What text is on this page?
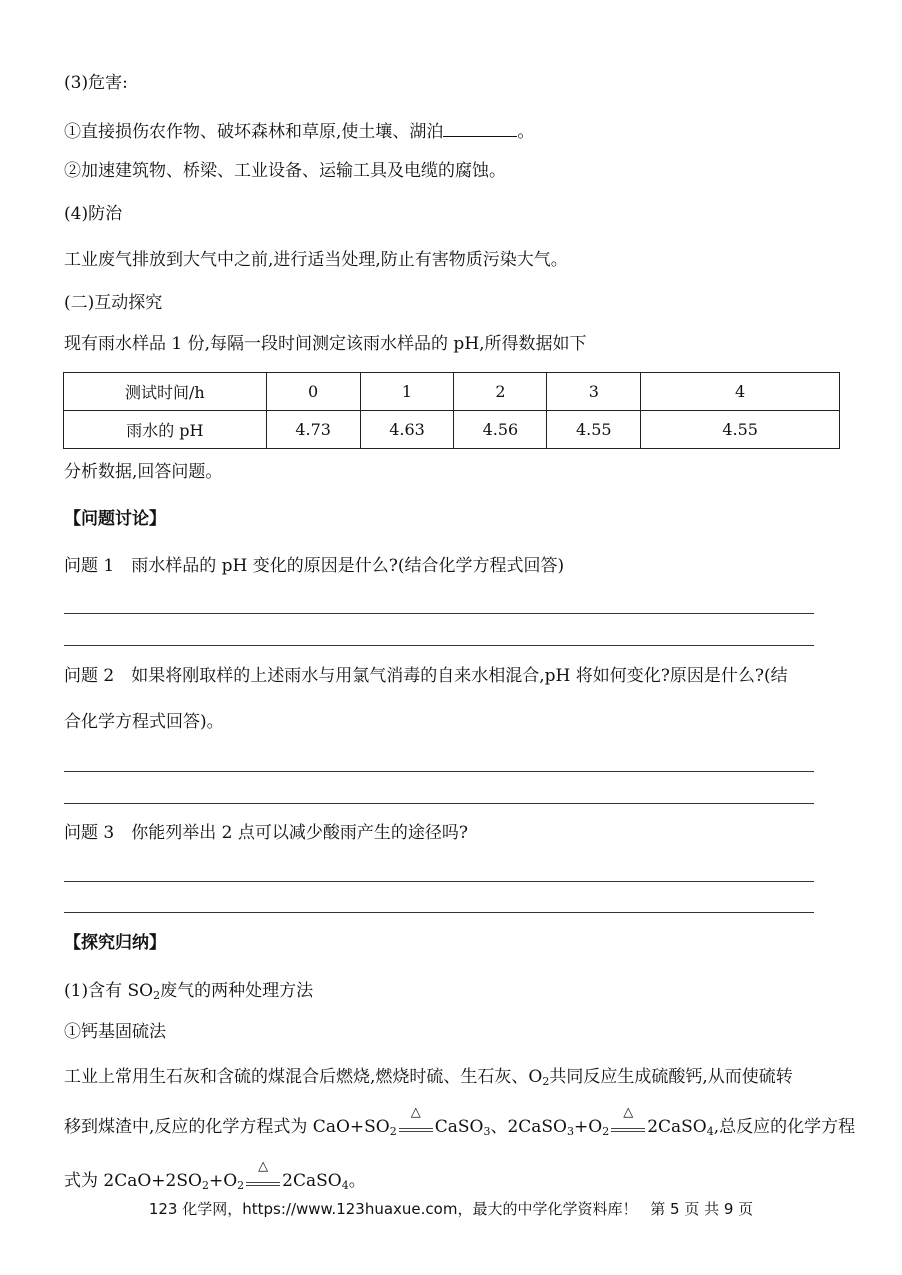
(3)危害:
①直接损伤农作物、破坏森林和草原,使土壤、湖泊	。
②加速建筑物、桥梁、工业设备、运输工具及电缆的腐蚀。
(4)防治
工业废气排放到大气中之前,进行适当处理,防止有害物质污染大气。
(二)互动探究
现有雨水样品 1 份,每隔一段时间测定该雨水样品的 pH,所得数据如下
测试时间/h	0	1	2	3	4
雨水的 pH	4.73	4.63	4.56	4.55	4.55
分析数据,回答问题。
【问题讨论】
问题 1　雨水样品的 pH 变化的原因是什么?(结合化学方程式回答)
问题 2　如果将刚取样的上述雨水与用氯气消毒的自来水相混合,pH 将如何变化?原因是什么?(结
合化学方程式回答)。
问题 3　你能列举出 2 点可以减少酸雨产生的途径吗?
【探究归纳】
(1)含有 $SO_2$废气的两种处理方法
①钙基固硫法
工业上常用生石灰和含硫的煤混合后燃烧,燃烧时硫、生石灰、$O_2$共同反应生成硫酸钙,从而使硫转
移到煤渣中,反应的化学方程式为 $CaO+SO_2$
△
CaSO$_3$、$2CaSO_3+O_2$
△
2CaSO$_4$,总反应的化学方程
式为 $2CaO+2SO_2+O_2$
△
2CaSO$_4$。
123 化学网，https://www.123huaxue.com，最大的中学化学资料库！ 第 5 页 共 9 页
